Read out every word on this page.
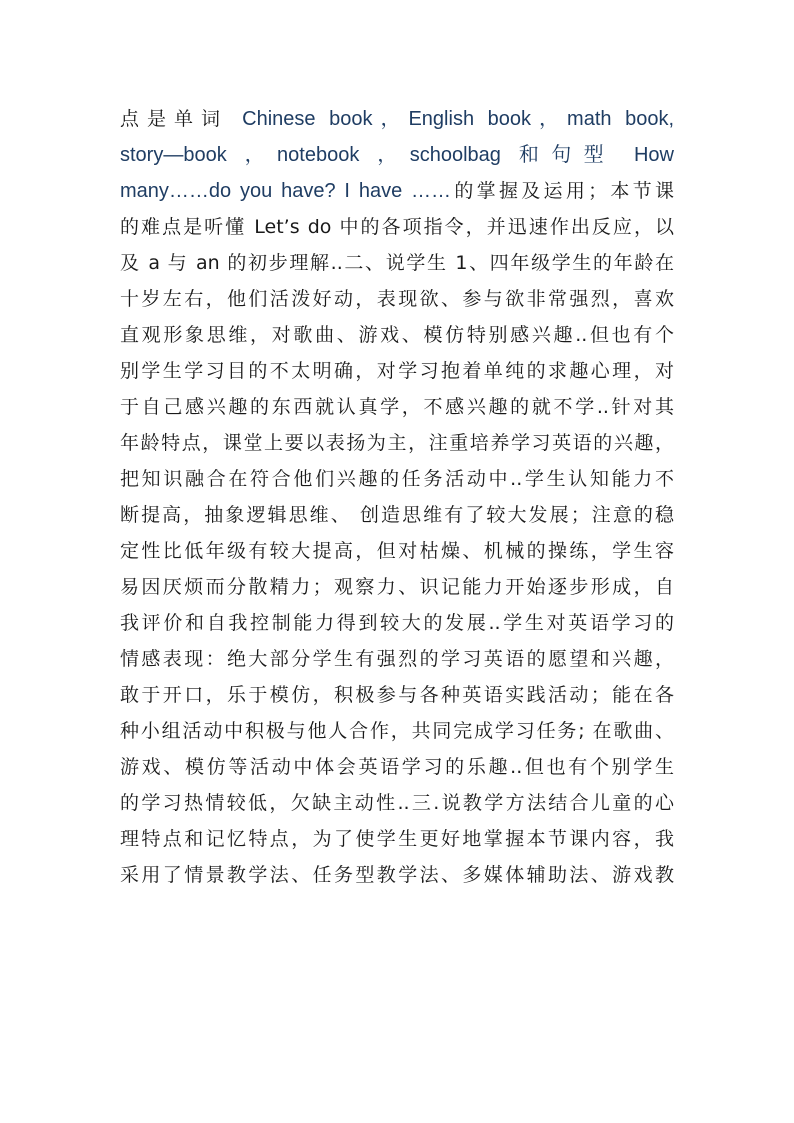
点是单词 Chinese book，English book，math book,
story—book ，notebook ，schoolbag 和句型 How
many……do you have? I have ……的掌握及运用；本节课
的难点是听懂 Let’s do 中的各项指令，并迅速作出反应，以
及 a 与 an 的初步理解..二、说学生 1、四年级学生的年龄在
十岁左右，他们活泼好动，表现欲、参与欲非常强烈，喜欢
直观形象思维，对歌曲、游戏、模仿特别感兴趣..但也有个
别学生学习目的不太明确，对学习抱着单纯的求趣心理，对
于自己感兴趣的东西就认真学，不感兴趣的就不学..针对其
年龄特点，课堂上要以表扬为主，注重培养学习英语的兴趣，
把知识融合在符合他们兴趣的任务活动中..学生认知能力不
断提高，抽象逻辑思维、 创造思维有了较大发展；注意的稳
定性比低年级有较大提高，但对枯燥、机械的操练，学生容
易因厌烦而分散精力；观察力、识记能力开始逐步形成，自
我评价和自我控制能力得到较大的发展..学生对英语学习的
情感表现：绝大部分学生有强烈的学习英语的愿望和兴趣，
敢于开口，乐于模仿，积极参与各种英语实践活动；能在各
种小组活动中积极与他人合作，共同完成学习任务; 在歌曲、
游戏、模仿等活动中体会英语学习的乐趣..但也有个别学生
的学习热情较低，欠缺主动性..三.说教学方法结合儿童的心
理特点和记忆特点，为了使学生更好地掌握本节课内容，我
采用了情景教学法、任务型教学法、多媒体辅助法、游戏教
